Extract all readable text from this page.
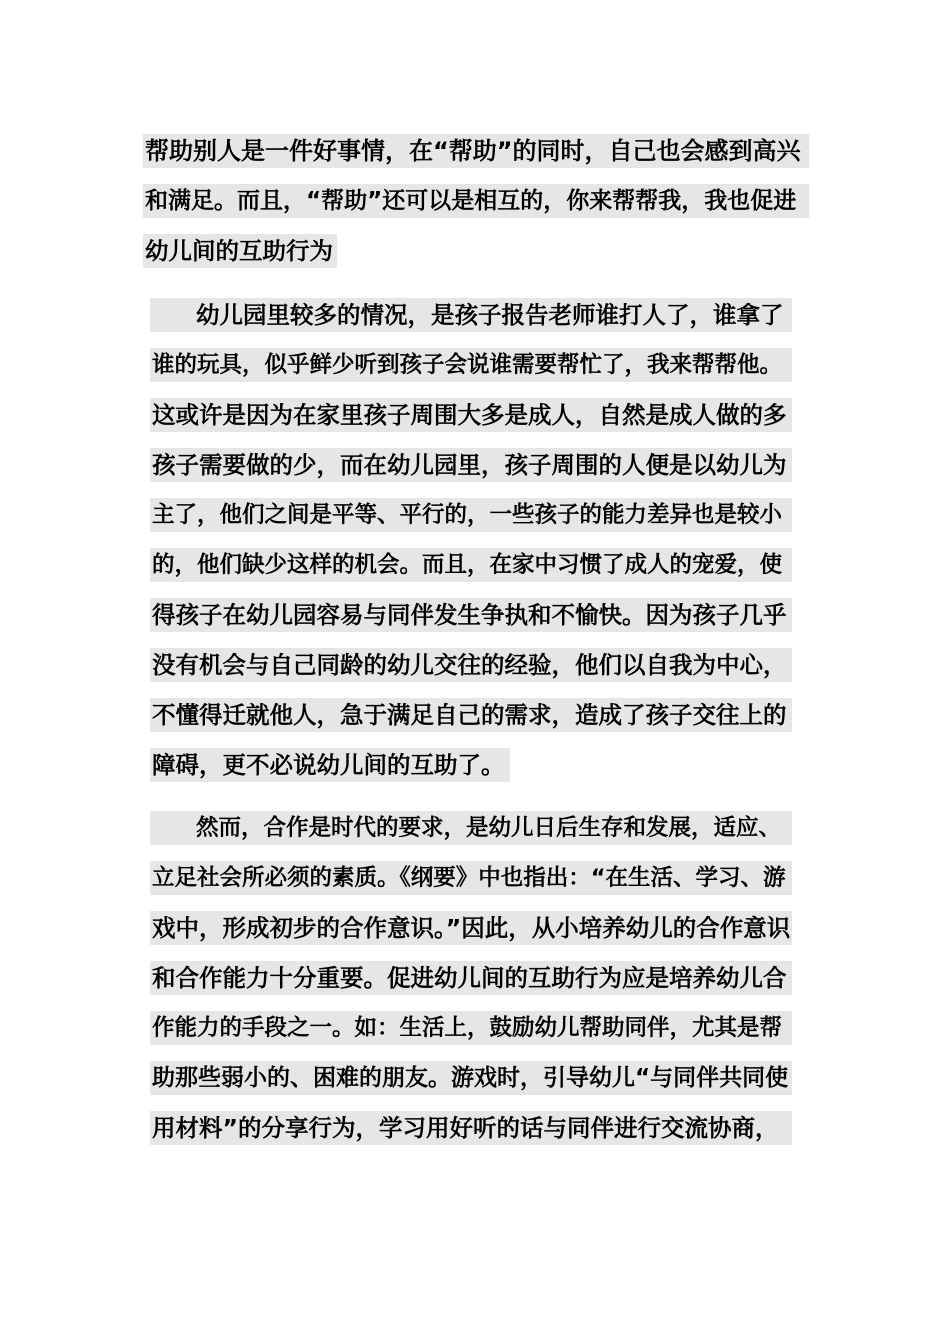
帮助别人是一件好事情，在“帮助”的同时，自己也会感到高兴
和满足。而且，“帮助”还可以是相互的，你来帮帮我，我也促进
幼儿间的互助行为
幼儿园里较多的情况，是孩子报告老师谁打人了，谁拿了
谁的玩具，似乎鲜少听到孩子会说谁需要帮忙了，我来帮帮他。
这或许是因为在家里孩子周围大多是成人，自然是成人做的多
孩子需要做的少，而在幼儿园里，孩子周围的人便是以幼儿为
主了，他们之间是平等、平行的，一些孩子的能力差异也是较小
的，他们缺少这样的机会。而且，在家中习惯了成人的宠爱，使
得孩子在幼儿园容易与同伴发生争执和不愉快。因为孩子几乎
没有机会与自己同龄的幼儿交往的经验，他们以自我为中心，
不懂得迁就他人，急于满足自己的需求，造成了孩子交往上的
障碍，更不必说幼儿间的互助了。
然而，合作是时代的要求，是幼儿日后生存和发展，适应、
立足社会所必须的素质。《纲要》中也指出：“在生活、学习、游
戏中，形成初步的合作意识。”因此，从小培养幼儿的合作意识
和合作能力十分重要。促进幼儿间的互助行为应是培养幼儿合
作能力的手段之一。如：生活上，鼓励幼儿帮助同伴，尤其是帮
助那些弱小的、困难的朋友。游戏时，引导幼儿“与同伴共同使
用材料”的分享行为，学习用好听的话与同伴进行交流协商，
